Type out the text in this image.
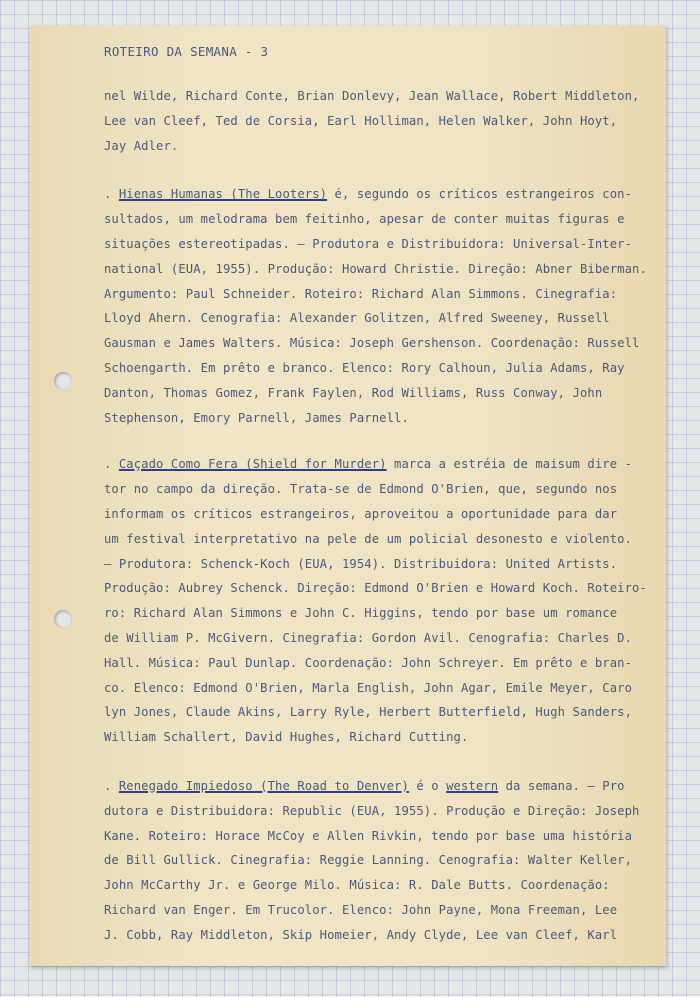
ROTEIRO DA SEMANA - 3

nel Wilde, Richard Conte, Brian Donlevy, Jean Wallace, Robert Middleton,
Lee van Cleef, Ted de Corsia, Earl Holliman, Helen Walker, John Hoyt,
Jay Adler.

. Hienas Humanas (The Looters) é, segundo os críticos estrangeiros con-
sultados, um melodrama bem feitinho, apesar de conter muitas figuras e
situações estereotipadas. — Produtora e Distribuidora: Universal-Inter-
national (EUA, 1955). Produção: Howard Christie. Direção: Abner Biberman.
Argumento: Paul Schneider. Roteiro: Richard Alan Simmons. Cinegrafia:
Lloyd Ahern. Cenografia: Alexander Golitzen, Alfred Sweeney, Russell
Gausman e James Walters. Música: Joseph Gershenson. Coordenação: Russell
Schoengarth. Em prêto e branco. Elenco: Rory Calhoun, Julia Adams, Ray
Danton, Thomas Gomez, Frank Faylen, Rod Williams, Russ Conway, John
Stephenson, Emory Parnell, James Parnell.

. Caçado Como Fera (Shield for Murder) marca a estréia de maisum dire -
tor no campo da direção. Trata-se de Edmond O'Brien, que, segundo nos
informam os críticos estrangeiros, aproveitou a oportunidade para dar
um festival interpretativo na pele de um policial desonesto e violento.
— Produtora: Schenck-Koch (EUA, 1954). Distribuidora: United Artists.
Produção: Aubrey Schenck. Direção: Edmond O'Brien e Howard Koch. Roteiro-
ro: Richard Alan Simmons e John C. Higgins, tendo por base um romance
de William P. McGivern. Cinegrafia: Gordon Avil. Cenografia: Charles D.
Hall. Música: Paul Dunlap. Coordenação: John Schreyer. Em prêto e bran-
co. Elenco: Edmond O'Brien, Marla English, John Agar, Emile Meyer, Caro
lyn Jones, Claude Akins, Larry Ryle, Herbert Butterfield, Hugh Sanders,
William Schallert, David Hughes, Richard Cutting.

. Renegado Impiedoso (The Road to Denver) é o western da semana. — Pro
dutora e Distribuidora: Republic (EUA, 1955). Produção e Direção: Joseph
Kane. Roteiro: Horace McCoy e Allen Rivkin, tendo por base uma história
de Bill Gullick. Cinegrafia: Reggie Lanning. Cenografia: Walter Keller,
John McCarthy Jr. e George Milo. Música: R. Dale Butts. Coordenação:
Richard van Enger. Em Trucolor. Elenco: John Payne, Mona Freeman, Lee
J. Cobb, Ray Middleton, Skip Homeier, Andy Clyde, Lee van Cleef, Karl
